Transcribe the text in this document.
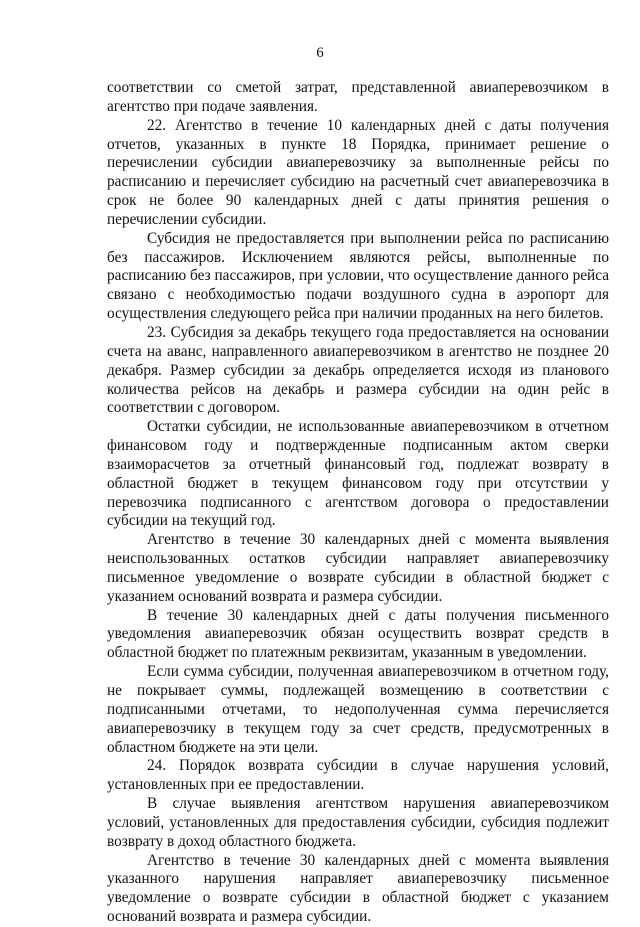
6

соответствии со сметой затрат, представленной авиаперевозчиком в агентство при подаче заявления.

22. Агентство в течение 10 календарных дней с даты получения отчетов, указанных в пункте 18 Порядка, принимает решение о перечислении субсидии авиаперевозчику за выполненные рейсы по расписанию и перечисляет субсидию на расчетный счет авиаперевозчика в срок не более 90 календарных дней с даты принятия решения о перечислении субсидии.

Субсидия не предоставляется при выполнении рейса по расписанию без пассажиров. Исключением являются рейсы, выполненные по расписанию без пассажиров, при условии, что осуществление данного рейса связано с необходимостью подачи воздушного судна в аэропорт для осуществления следующего рейса при наличии проданных на него билетов.

23. Субсидия за декабрь текущего года предоставляется на основании счета на аванс, направленного авиаперевозчиком в агентство не позднее 20 декабря. Размер субсидии за декабрь определяется исходя из планового количества рейсов на декабрь и размера субсидии на один рейс в соответствии с договором.

Остатки субсидии, не использованные авиаперевозчиком в отчетном финансовом году и подтвержденные подписанным актом сверки взаиморасчетов за отчетный финансовый год, подлежат возврату в областной бюджет в текущем финансовом году при отсутствии у перевозчика подписанного с агентством договора о предоставлении субсидии на текущий год.

Агентство в течение 30 календарных дней с момента выявления неиспользованных остатков субсидии направляет авиаперевозчику письменное уведомление о возврате субсидии в областной бюджет с указанием оснований возврата и размера субсидии.

В течение 30 календарных дней с даты получения письменного уведомления авиаперевозчик обязан осуществить возврат средств в областной бюджет по платежным реквизитам, указанным в уведомлении.

Если сумма субсидии, полученная авиаперевозчиком в отчетном году, не покрывает суммы, подлежащей возмещению в соответствии с подписанными отчетами, то недополученная сумма перечисляется авиаперевозчику в текущем году за счет средств, предусмотренных в областном бюджете на эти цели.

24. Порядок возврата субсидии в случае нарушения условий, установленных при ее предоставлении.

В случае выявления агентством нарушения авиаперевозчиком условий, установленных для предоставления субсидии, субсидия подлежит возврату в доход областного бюджета.

Агентство в течение 30 календарных дней с момента выявления указанного нарушения направляет авиаперевозчику письменное уведомление о возврате субсидии в областной бюджет с указанием оснований возврата и размера субсидии.
